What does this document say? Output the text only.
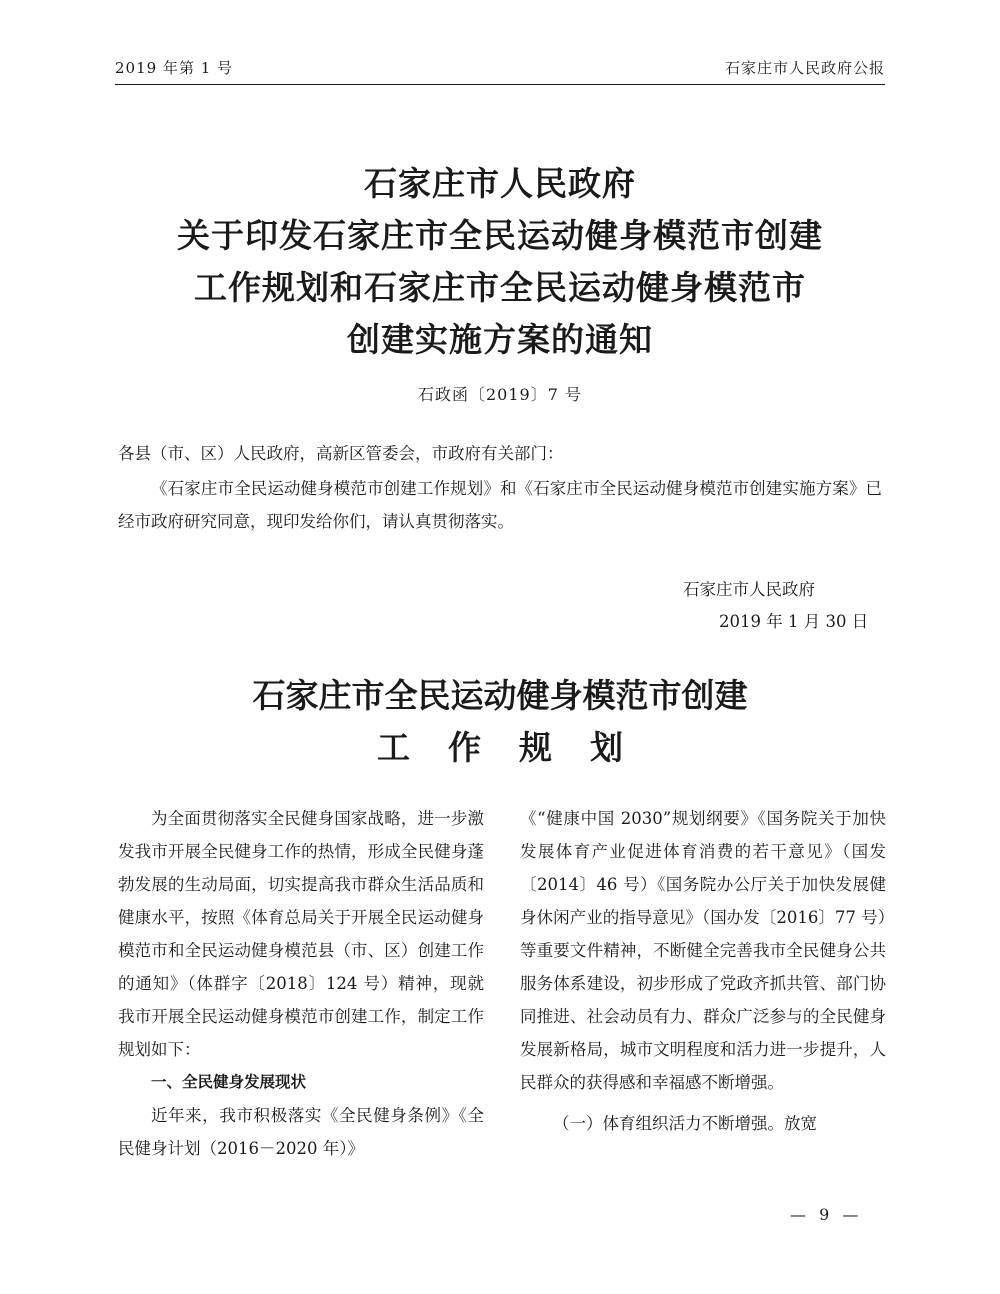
2019 年第 1 号	石家庄市人民政府公报
石家庄市人民政府
关于印发石家庄市全民运动健身模范市创建
工作规划和石家庄市全民运动健身模范市
创建实施方案的通知
石政函〔2019〕7 号
各县（市、区）人民政府，高新区管委会，市政府有关部门：
《石家庄市全民运动健身模范市创建工作规划》和《石家庄市全民运动健身模范市创建实施方案》已经市政府研究同意，现印发给你们，请认真贯彻落实。
石家庄市人民政府
2019 年 1 月 30 日
石家庄市全民运动健身模范市创建
工作规划

为全面贯彻落实全民健身国家战略，进一步激发我市开展全民健身工作的热情，形成全民健身蓬勃发展的生动局面，切实提高我市群众生活品质和健康水平，按照《体育总局关于开展全民运动健身模范市和全民运动健身模范县（市、区）创建工作的通知》（体群字〔2018〕124 号）精神，现就我市开展全民运动健身模范市创建工作，制定工作规划如下：

一、全民健身发展现状

近年来，我市积极落实《全民健身条例》《全民健身计划（2016－2020 年）》

《“健康中国 2030”规划纲要》《国务院关于加快发展体育产业促进体育消费的若干意见》（国发〔2014〕46 号）《国务院办公厅关于加快发展健身休闲产业的指导意见》（国办发〔2016〕77 号）等重要文件精神，不断健全完善我市全民健身公共服务体系建设，初步形成了党政齐抓共管、部门协同推进、社会动员有力、群众广泛参与的全民健身发展新格局，城市文明程度和活力进一步提升，人民群众的获得感和幸福感不断增强。

（一）体育组织活力不断增强。放宽

— 9 —
